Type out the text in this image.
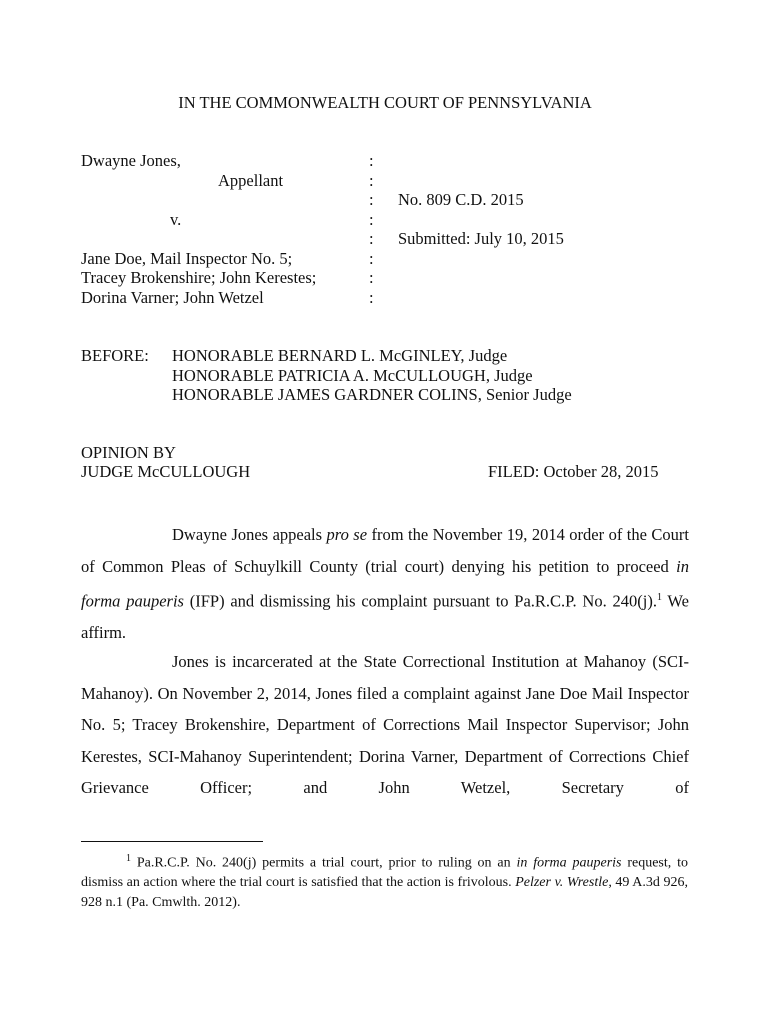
IN THE COMMONWEALTH COURT OF PENNSYLVANIA
Dwayne Jones,
Appellant
v.
Jane Doe, Mail Inspector No. 5;
Tracey Brokenshire; John Kerestes;
Dorina Varner; John Wetzel
:
:
:
:
:
:
:
:
No. 809 C.D. 2015
Submitted: July 10, 2015
BEFORE: HONORABLE BERNARD L. McGINLEY, Judge
HONORABLE PATRICIA A. McCULLOUGH, Judge
HONORABLE JAMES GARDNER COLINS, Senior Judge
OPINION BY
JUDGE McCULLOUGH	FILED: October 28, 2015
Dwayne Jones appeals pro se from the November 19, 2014 order of the Court of Common Pleas of Schuylkill County (trial court) denying his petition to proceed in forma pauperis (IFP) and dismissing his complaint pursuant to Pa.R.C.P. No. 240(j).$^1$ We affirm.
Jones is incarcerated at the State Correctional Institution at Mahanoy (SCI-Mahanoy). On November 2, 2014, Jones filed a complaint against Jane Doe Mail Inspector No. 5; Tracey Brokenshire, Department of Corrections Mail Inspector Supervisor; John Kerestes, SCI-Mahanoy Superintendent; Dorina Varner, Department of Corrections Chief Grievance Officer; and John Wetzel, Secretary of
$^1$ Pa.R.C.P. No. 240(j) permits a trial court, prior to ruling on an in forma pauperis request, to dismiss an action where the trial court is satisfied that the action is frivolous. Pelzer v. Wrestle, 49 A.3d 926, 928 n.1 (Pa. Cmwlth. 2012).
